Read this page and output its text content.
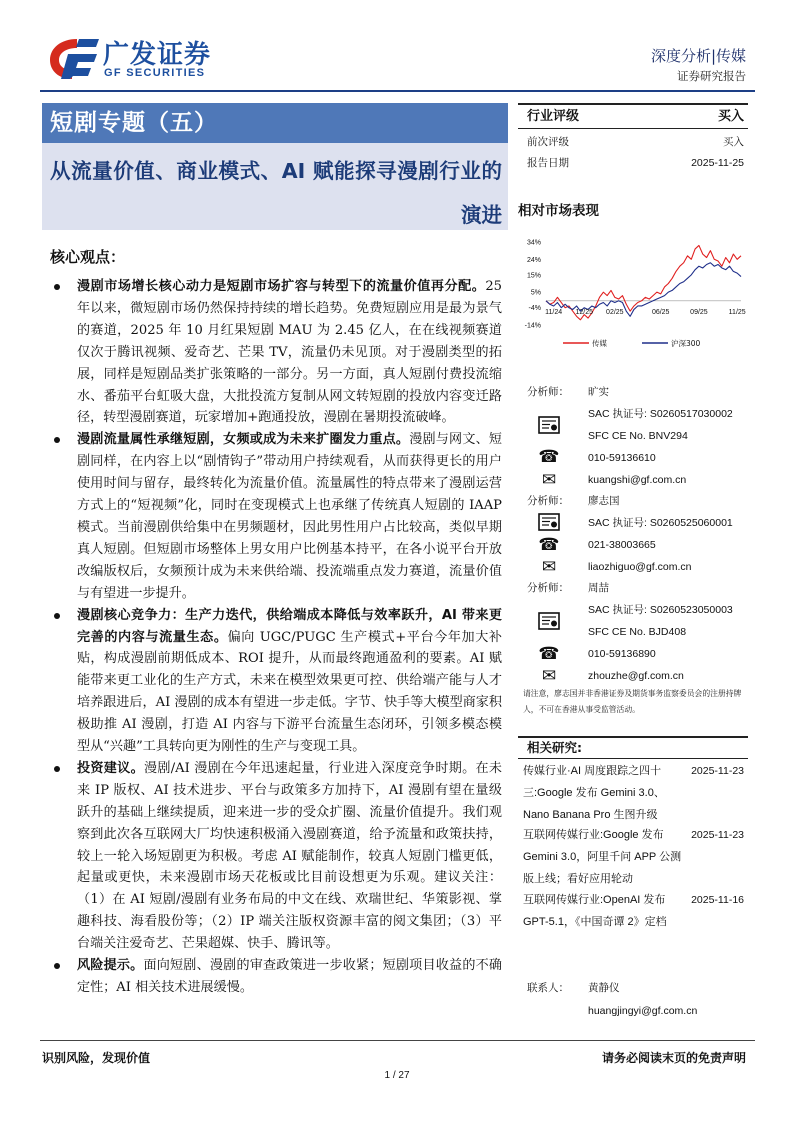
广发证券
GF SECURITIES
深度分析|传媒
证券研究报告
短剧专题（五）
从流量价值、商业模式、AI 赋能探寻漫剧行业的演进
核心观点：

漫剧市场增长核心动力是短剧市场扩容与转型下的流量价值再分配。25 年以来，微短剧市场仍然保持持续的增长趋势。免费短剧应用是最为景气的赛道，2025 年 10 月红果短剧 MAU 为 2.45 亿人，在在线视频赛道仅次于腾讯视频、爱奇艺、芒果 TV，流量仍未见顶。对于漫剧类型的拓展，同样是短剧品类扩张策略的一部分。另一方面，真人短剧付费投流缩水、番茄平台虹吸大盘，大批投流方复制从网文转短剧的投放内容变迁路径，转型漫剧赛道，玩家增加+跑通投放，漫剧在暑期投流破峰。

漫剧流量属性承继短剧，女频或成为未来扩圈发力重点。漫剧与网文、短剧同样，在内容上以“剧情钩子”带动用户持续观看，从而获得更长的用户使用时间与留存，最终转化为流量价值。流量属性的特点带来了漫剧运营方式上的“短视频”化，同时在变现模式上也承继了传统真人短剧的 IAAP 模式。当前漫剧供给集中在男频题材，因此男性用户占比较高，类似早期真人短剧。但短剧市场整体上男女用户比例基本持平，在各小说平台开放改编版权后，女频预计成为未来供给端、投流端重点发力赛道，流量价值与有望进一步提升。

漫剧核心竞争力：生产力迭代，供给端成本降低与效率跃升，AI 带来更完善的内容与流量生态。偏向 UGC/PUGC 生产模式+平台今年加大补贴，构成漫剧前期低成本、ROI 提升，从而最终跑通盈利的要素。AI 赋能带来更工业化的生产方式，未来在模型效果更可控、供给端产能与人才培养跟进后，AI 漫剧的成本有望进一步走低。字节、快手等大模型商家积极助推 AI 漫剧，打造 AI 内容与下游平台流量生态闭环，引领多模态模型从“兴趣”工具转向更为刚性的生产与变现工具。

投资建议。漫剧/AI 漫剧在今年迅速起量，行业进入深度竞争时期。在未来 IP 版权、AI 技术进步、平台与政策多方加持下，AI 漫剧有望在量级跃升的基础上继续提质，迎来进一步的受众扩圈、流量价值提升。我们观察到此次各互联网大厂均快速积极涌入漫剧赛道，给予流量和政策扶持，较上一轮入场短剧更为积极。考虑 AI 赋能制作，较真人短剧门槛更低，起量或更快，未来漫剧市场天花板或比目前设想更为乐观。建议关注：（1）在 AI 短剧/漫剧有业务布局的中文在线、欢瑞世纪、华策影视、掌趣科技、海看股份等；（2）IP 端关注版权资源丰富的阅文集团；（3）平台端关注爱奇艺、芒果超媒、快手、腾讯等。

风险提示。面向短剧、漫剧的审查政策进一步收紧；短剧项目收益的不确定性；AI 相关技术进展缓慢。

行业评级	买入
前次评级	买入
报告日期	2025-11-25
相对市场表现
34%
24%
15%
5%
-4%
-14%
11/24 12/25 02/25	06/25	09/25	11/25
传媒	沪深300
分析师： 旷实
SAC 执证号: S0260517030002
SFC CE No. BNV294
☎	010-59136610
✉	kuangshi@gf.com.cn
分析师： 廖志国
SAC 执证号: S0260525060001
☎	021-38003665
✉	liaozhiguo@gf.com.cn
分析师： 周喆
SAC 执证号: S0260523050003
SFC CE No. BJD408
☎	010-59136890
✉	zhouzhe@gf.com.cn
请注意，廖志国并非香港证券及期货事务监察委员会的注册持牌人，不可在香港从事受监管活动。
相关研究:
传媒行业·AI 周度跟踪之四十三:Google 发布 Gemini 3.0、Nano Banana Pro 生图升级
2025-11-23
互联网传媒行业:Google 发布 Gemini 3.0，阿里千问 APP 公测版上线；看好应用轮动
2025-11-23
互联网传媒行业:OpenAI 发布 GPT-5.1，《中国奇谭 2》定档
2025-11-16
联系人： 黄静仪
huangjingyi@gf.com.cn
识别风险，发现价值	请务必阅读末页的免责声明
1 / 27
